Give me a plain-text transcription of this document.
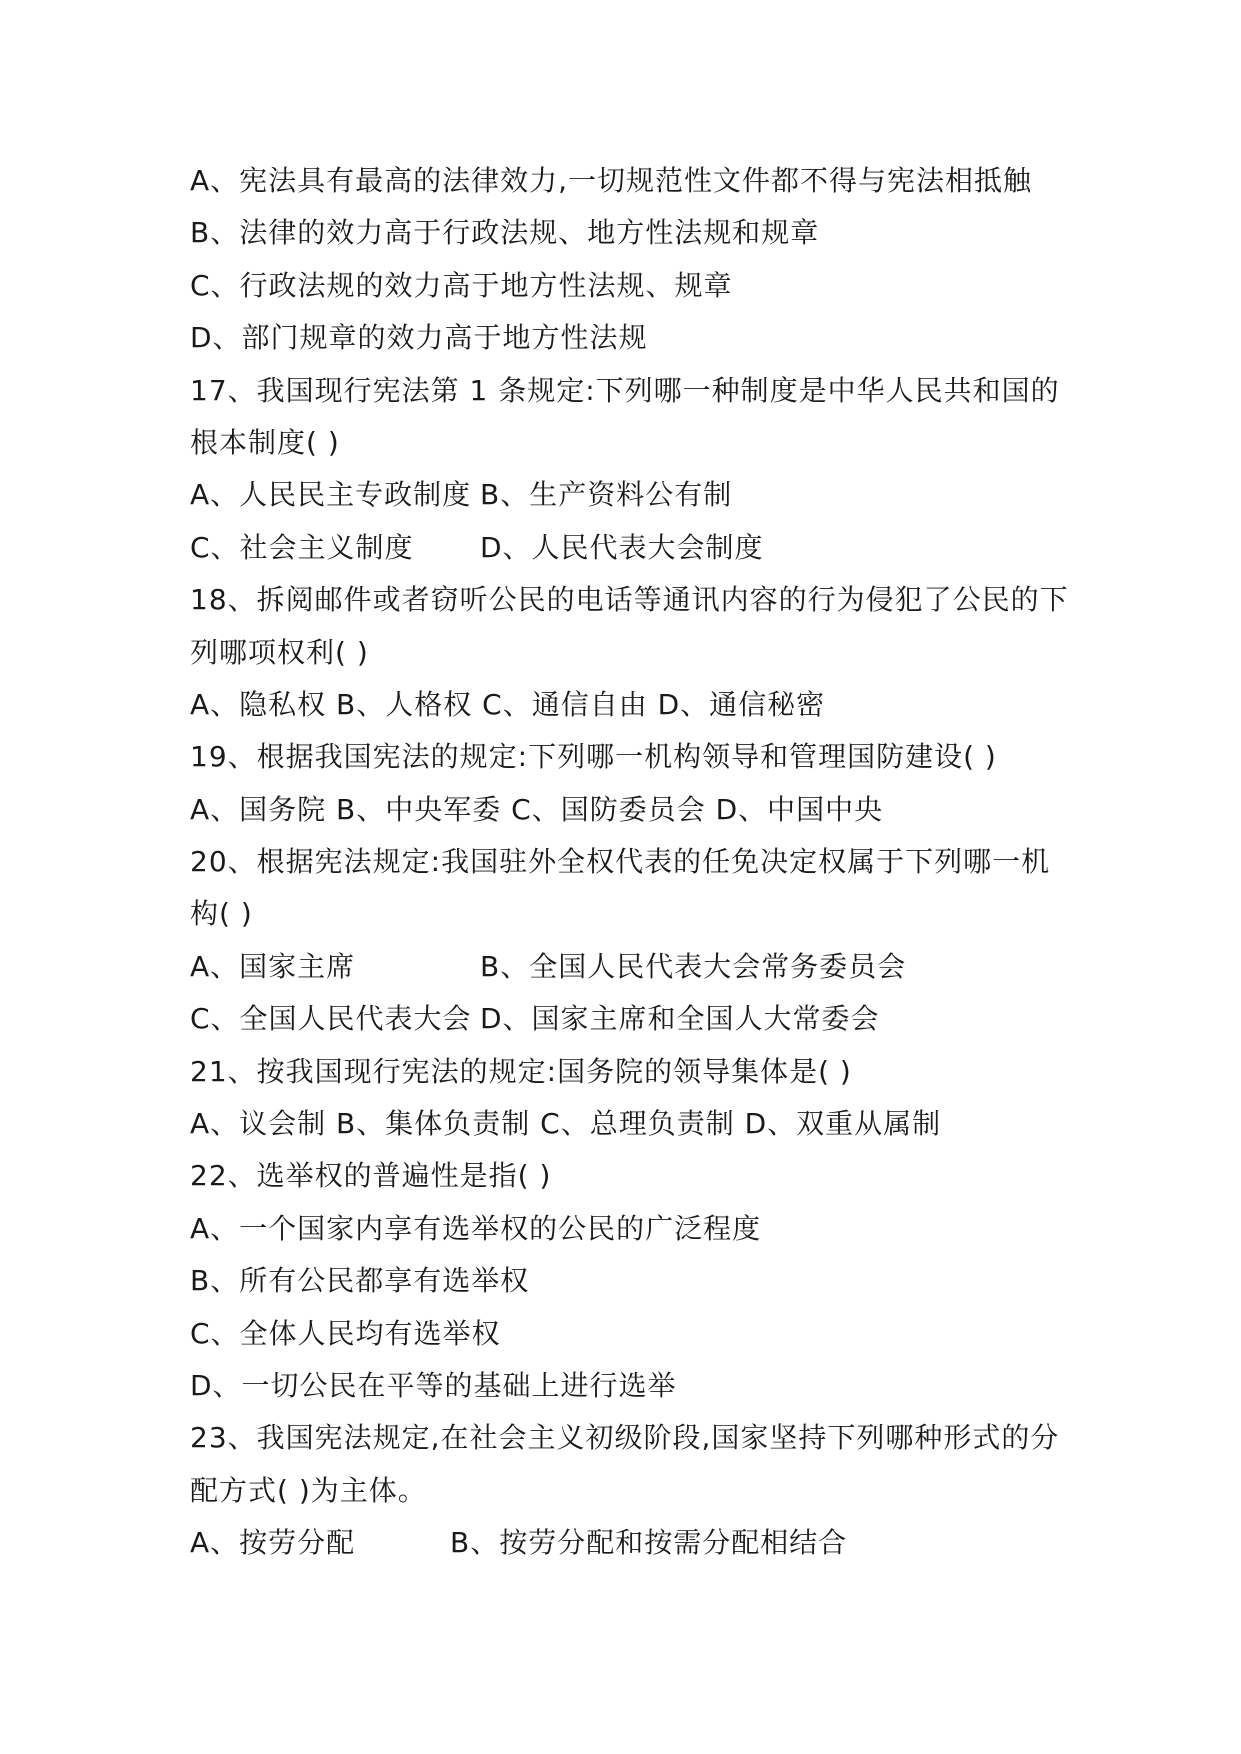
A、宪法具有最高的法律效力,一切规范性文件都不得与宪法相抵触
B、法律的效力高于行政法规、地方性法规和规章
C、行政法规的效力高于地方性法规、规章
D、部门规章的效力高于地方性法规
17、我国现行宪法第 1 条规定:下列哪一种制度是中华人民共和国的
根本制度( )
A、人民民主专政制度 B、生产资料公有制
C、社会主义制度 D、人民代表大会制度
18、拆阅邮件或者窃听公民的电话等通讯内容的行为侵犯了公民的下
列哪项权利( )
A、隐私权 B、人格权 C、通信自由 D、通信秘密
19、根据我国宪法的规定:下列哪一机构领导和管理国防建设( )
A、国务院 B、中央军委 C、国防委员会 D、中国中央
20、根据宪法规定:我国驻外全权代表的任免决定权属于下列哪一机
构( )
A、国家主席	B、全国人民代表大会常务委员会
C、全国人民代表大会 D、国家主席和全国人大常委会
21、按我国现行宪法的规定:国务院的领导集体是( )
A、议会制 B、集体负责制 C、总理负责制 D、双重从属制
22、选举权的普遍性是指( )
A、一个国家内享有选举权的公民的广泛程度
B、所有公民都享有选举权
C、全体人民均有选举权
D、一切公民在平等的基础上进行选举
23、我国宪法规定,在社会主义初级阶段,国家坚持下列哪种形式的分
配方式( )为主体。
A、按劳分配	B、按劳分配和按需分配相结合
